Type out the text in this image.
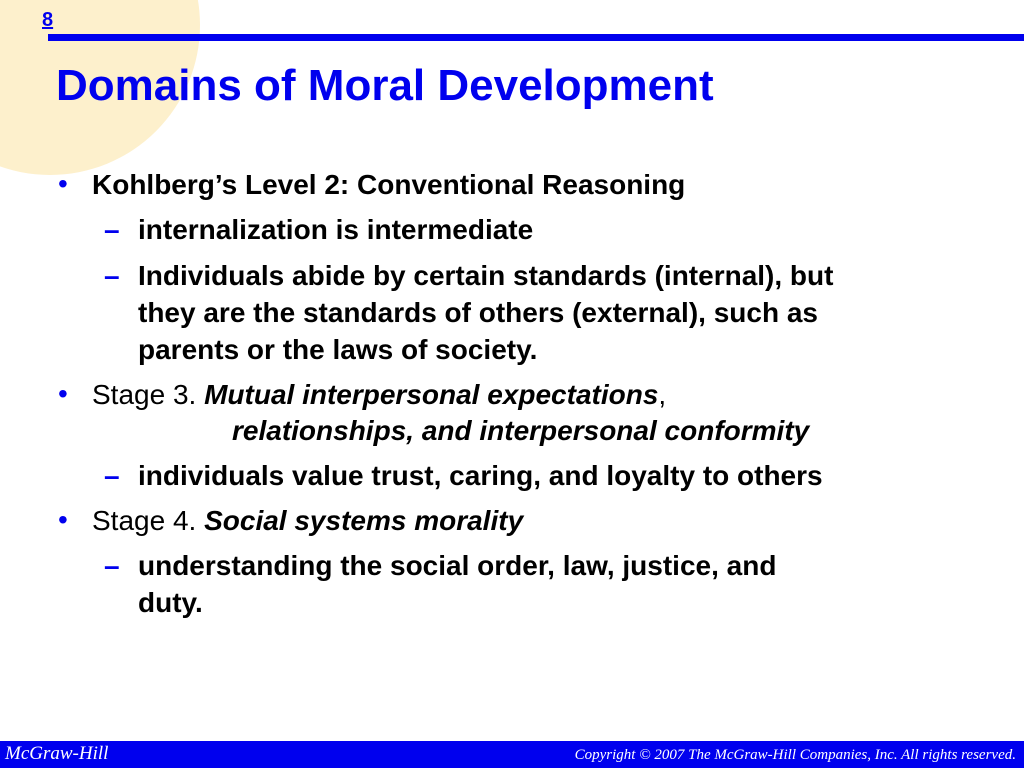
8
Domains of Moral Development
• Kohlberg’s Level 2: Conventional Reasoning
– internalization is intermediate
– Individuals abide by certain standards (internal), but
they are the standards of others (external), such as
parents or the laws of society.
• Stage 3. Mutual interpersonal expectations,
relationships, and interpersonal conformity
– individuals value trust, caring, and loyalty to others
• Stage 4. Social systems morality
– understanding the social order, law, justice, and
duty.
McGraw-Hill	Copyright © 2007 The McGraw-Hill Companies, Inc. All rights reserved.
